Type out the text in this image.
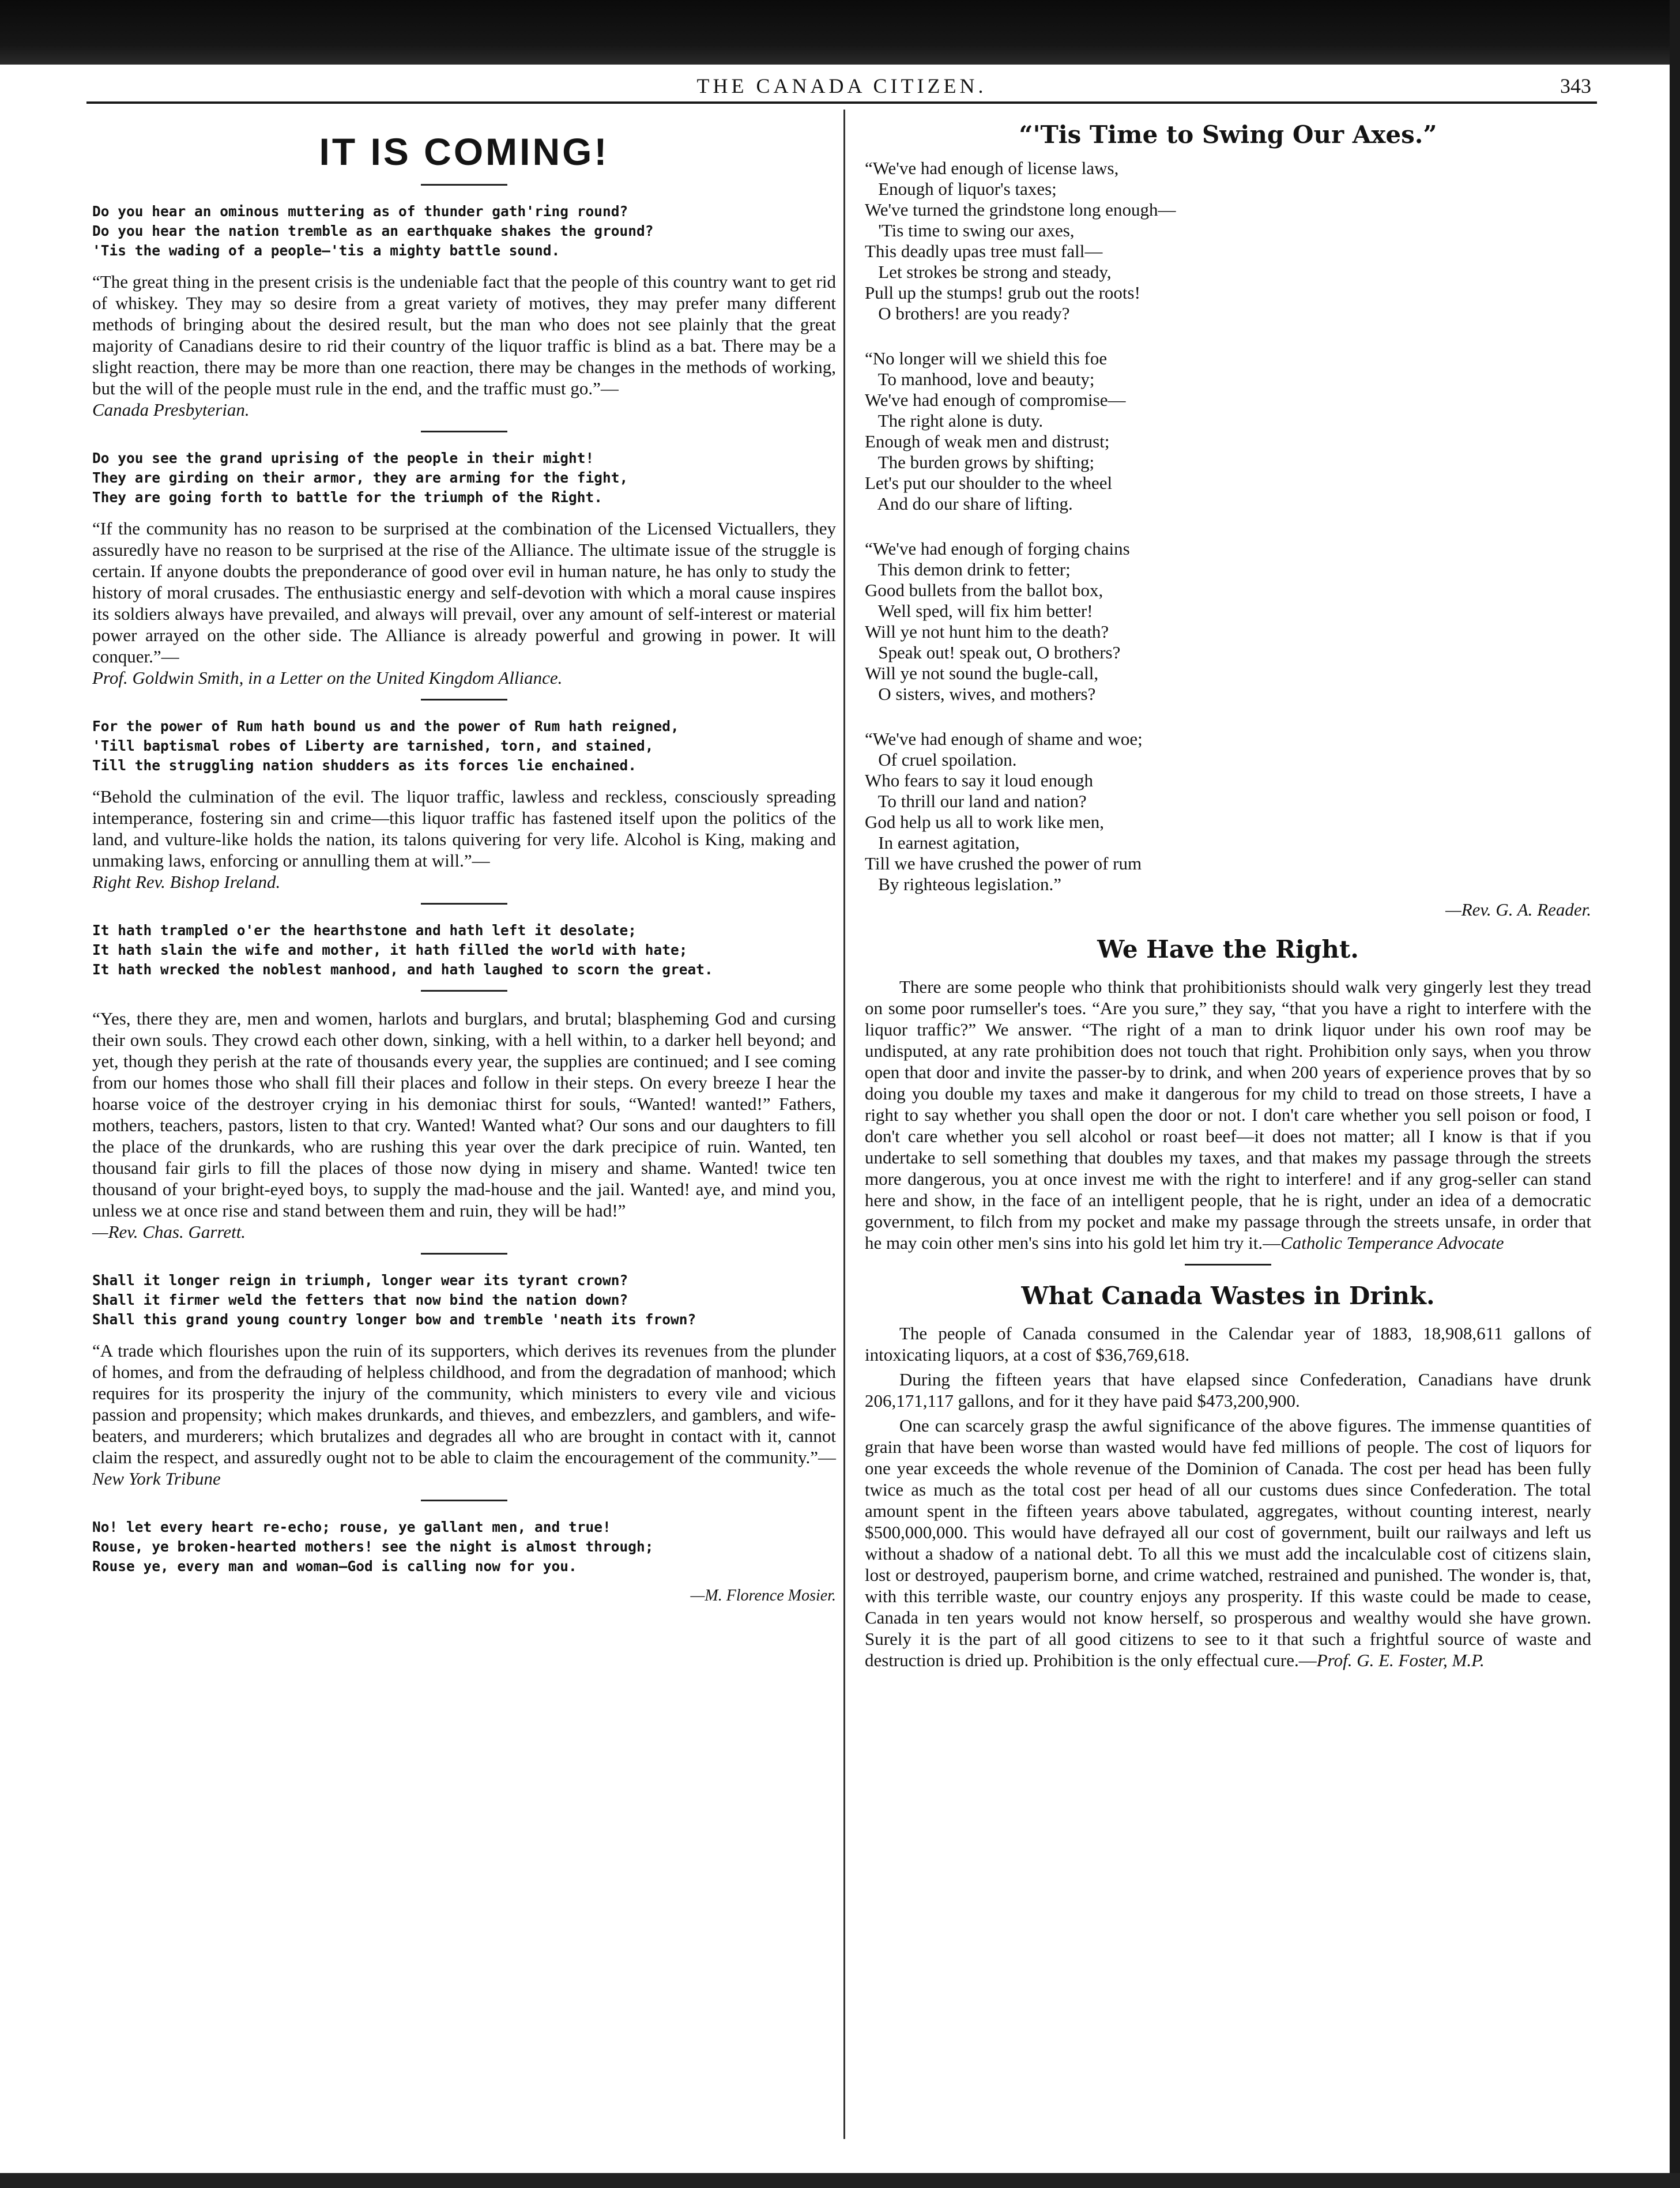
THE CANADA CITIZEN.	343
IT IS COMING!
Do you hear an ominous muttering as of thunder gath'ring round?
Do you hear the nation tremble as an earthquake shakes the ground?
'Tis the wading of a people—'tis a mighty battle sound.
“The great thing in the present crisis is the undeniable fact that the people of this country want to get rid of whiskey. They may so desire from a great variety of motives, they may prefer many different methods of bringing about the desired result, but the man who does not see plainly that the great majority of Canadians desire to rid their country of the liquor traffic is blind as a bat. There may be a slight reaction, there may be more than one reaction, there may be changes in the methods of working, but the will of the people must rule in the end, and the traffic must go.”—
Canada Presbyterian.
Do you see the grand uprising of the people in their might!
They are girding on their armor, they are arming for the fight,
They are going forth to battle for the triumph of the Right.
“If the community has no reason to be surprised at the combination of the Licensed Victuallers, they assuredly have no reason to be surprised at the rise of the Alliance. The ultimate issue of the struggle is certain. If anyone doubts the preponderance of good over evil in human nature, he has only to study the history of moral crusades. The enthusiastic energy and self-devotion with which a moral cause inspires its soldiers always have prevailed, and always will prevail, over any amount of self-interest or material power arrayed on the other side. The Alliance is already powerful and growing in power. It will conquer.”—
Prof. Goldwin Smith, in a Letter on the United Kingdom Alliance.
For the power of Rum hath bound us and the power of Rum hath reigned,
'Till baptismal robes of Liberty are tarnished, torn, and stained,
Till the struggling nation shudders as its forces lie enchained.
“Behold the culmination of the evil. The liquor traffic, lawless and reckless, consciously spreading intemperance, fostering sin and crime—this liquor traffic has fastened itself upon the politics of the land, and vulture-like holds the nation, its talons quivering for very life. Alcohol is King, making and unmaking laws, enforcing or annulling them at will.”—
Right Rev. Bishop Ireland.
It hath trampled o'er the hearthstone and hath left it desolate;
It hath slain the wife and mother, it hath filled the world with hate;
It hath wrecked the noblest manhood, and hath laughed to scorn the great.
“Yes, there they are, men and women, harlots and burglars, and brutal; blaspheming God and cursing their own souls. They crowd each other down, sinking, with a hell within, to a darker hell beyond; and yet, though they perish at the rate of thousands every year, the supplies are continued; and I see coming from our homes those who shall fill their places and follow in their steps. On every breeze I hear the hoarse voice of the destroyer crying in his demoniac thirst for souls, “Wanted! wanted!” Fathers, mothers, teachers, pastors, listen to that cry. Wanted! Wanted what? Our sons and our daughters to fill the place of the drunkards, who are rushing this year over the dark precipice of ruin. Wanted, ten thousand fair girls to fill the places of those now dying in misery and shame. Wanted! twice ten thousand of your bright-eyed boys, to supply the mad-house and the jail. Wanted! aye, and mind you, unless we at once rise and stand between them and ruin, they will be had!”
—Rev. Chas. Garrett.
Shall it longer reign in triumph, longer wear its tyrant crown?
Shall it firmer weld the fetters that now bind the nation down?
Shall this grand young country longer bow and tremble 'neath its frown?
“A trade which flourishes upon the ruin of its supporters, which derives its revenues from the plunder of homes, and from the defrauding of helpless childhood, and from the degradation of manhood; which requires for its prosperity the injury of the community, which ministers to every vile and vicious passion and propensity; which makes drunkards, and thieves, and embezzlers, and gamblers, and wife-beaters, and murderers; which brutalizes and degrades all who are brought in contact with it, cannot claim the respect, and assuredly ought not to be able to claim the encouragement of the community.”—New York Tribune
No! let every heart re-echo; rouse, ye gallant men, and true!
Rouse, ye broken-hearted mothers! see the night is almost through;
Rouse ye, every man and woman—God is calling now for you.
—M. Florence Mosier.
“'Tis Time to Swing Our Axes.”
“We've had enough of license laws,
Enough of liquor's taxes;
We've turned the grindstone long enough—
'Tis time to swing our axes,
This deadly upas tree must fall—
Let strokes be strong and steady,
Pull up the stumps! grub out the roots!
O brothers! are you ready?
“No longer will we shield this foe
To manhood, love and beauty;
We've had enough of compromise—
The right alone is duty.
Enough of weak men and distrust;
The burden grows by shifting;
Let's put our shoulder to the wheel
And do our share of lifting.
“We've had enough of forging chains
This demon drink to fetter;
Good bullets from the ballot box,
Well sped, will fix him better!
Will ye not hunt him to the death?
Speak out! speak out, O brothers?
Will ye not sound the bugle-call,
O sisters, wives, and mothers?
“We've had enough of shame and woe;
Of cruel spoilation.
Who fears to say it loud enough
To thrill our land and nation?
God help us all to work like men,
In earnest agitation,
Till we have crushed the power of rum
By righteous legislation.”
—Rev. G. A. Reader.
We Have the Right.
There are some people who think that prohibitionists should walk very gingerly lest they tread on some poor rumseller's toes. “Are you sure,” they say, “that you have a right to interfere with the liquor traffic?” We answer. “The right of a man to drink liquor under his own roof may be undisputed, at any rate prohibition does not touch that right. Prohibition only says, when you throw open that door and invite the passer-by to drink, and when 200 years of experience proves that by so doing you double my taxes and make it dangerous for my child to tread on those streets, I have a right to say whether you shall open the door or not. I don't care whether you sell poison or food, I don't care whether you sell alcohol or roast beef—it does not matter; all I know is that if you undertake to sell something that doubles my taxes, and that makes my passage through the streets more dangerous, you at once invest me with the right to interfere! and if any grog-seller can stand here and show, in the face of an intelligent people, that he is right, under an idea of a democratic government, to filch from my pocket and make my passage through the streets unsafe, in order that he may coin other men's sins into his gold let him try it.—Catholic Temperance Advocate
What Canada Wastes in Drink.
The people of Canada consumed in the Calendar year of 1883, 18,908,611 gallons of intoxicating liquors, at a cost of $36,769,618.
During the fifteen years that have elapsed since Confederation, Canadians have drunk 206,171,117 gallons, and for it they have paid $473,200,900.
One can scarcely grasp the awful significance of the above figures. The immense quantities of grain that have been worse than wasted would have fed millions of people. The cost of liquors for one year exceeds the whole revenue of the Dominion of Canada. The cost per head has been fully twice as much as the total cost per head of all our customs dues since Confederation. The total amount spent in the fifteen years above tabulated, aggregates, without counting interest, nearly $500,000,000. This would have defrayed all our cost of government, built our railways and left us without a shadow of a national debt. To all this we must add the incalculable cost of citizens slain, lost or destroyed, pauperism borne, and crime watched, restrained and punished. The wonder is, that, with this terrible waste, our country enjoys any prosperity. If this waste could be made to cease, Canada in ten years would not know herself, so prosperous and wealthy would she have grown. Surely it is the part of all good citizens to see to it that such a frightful source of waste and destruction is dried up. Prohibition is the only effectual cure.—Prof. G. E. Foster, M.P.
